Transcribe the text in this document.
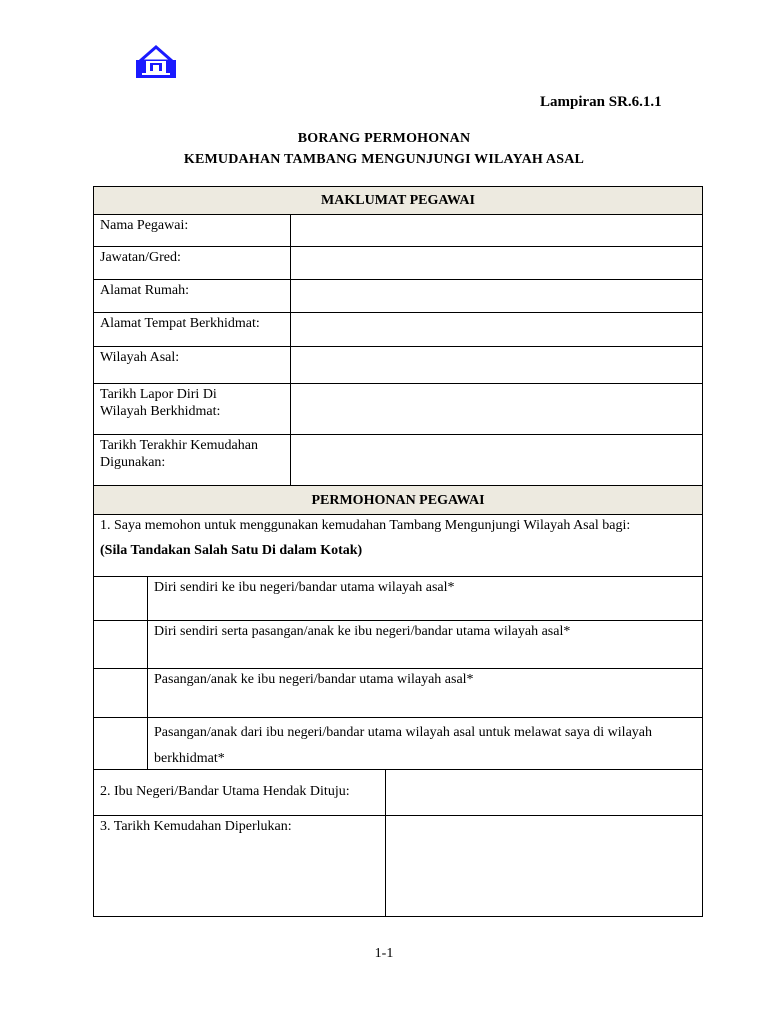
Lampiran SR.6.1.1
BORANG PERMOHONAN
KEMUDAHAN TAMBANG MENGUNJUNGI WILAYAH ASAL
MAKLUMAT PEGAWAI
Nama Pegawai:
Jawatan/Gred:
Alamat Rumah:
Alamat Tempat Berkhidmat:
Wilayah Asal:
Tarikh Lapor Diri Di
Wilayah Berkhidmat:
Tarikh Terakhir Kemudahan
Digunakan:
PERMOHONAN PEGAWAI
1. Saya memohon untuk menggunakan kemudahan Tambang Mengunjungi Wilayah Asal bagi:
(Sila Tandakan Salah Satu Di dalam Kotak)
Diri sendiri ke ibu negeri/bandar utama wilayah asal*
Diri sendiri serta pasangan/anak ke ibu negeri/bandar utama wilayah asal*
Pasangan/anak ke ibu negeri/bandar utama wilayah asal*
Pasangan/anak dari ibu negeri/bandar utama wilayah asal untuk melawat saya di wilayah berkhidmat*
2. Ibu Negeri/Bandar Utama Hendak Dituju:
3. Tarikh Kemudahan Diperlukan:
1-1
